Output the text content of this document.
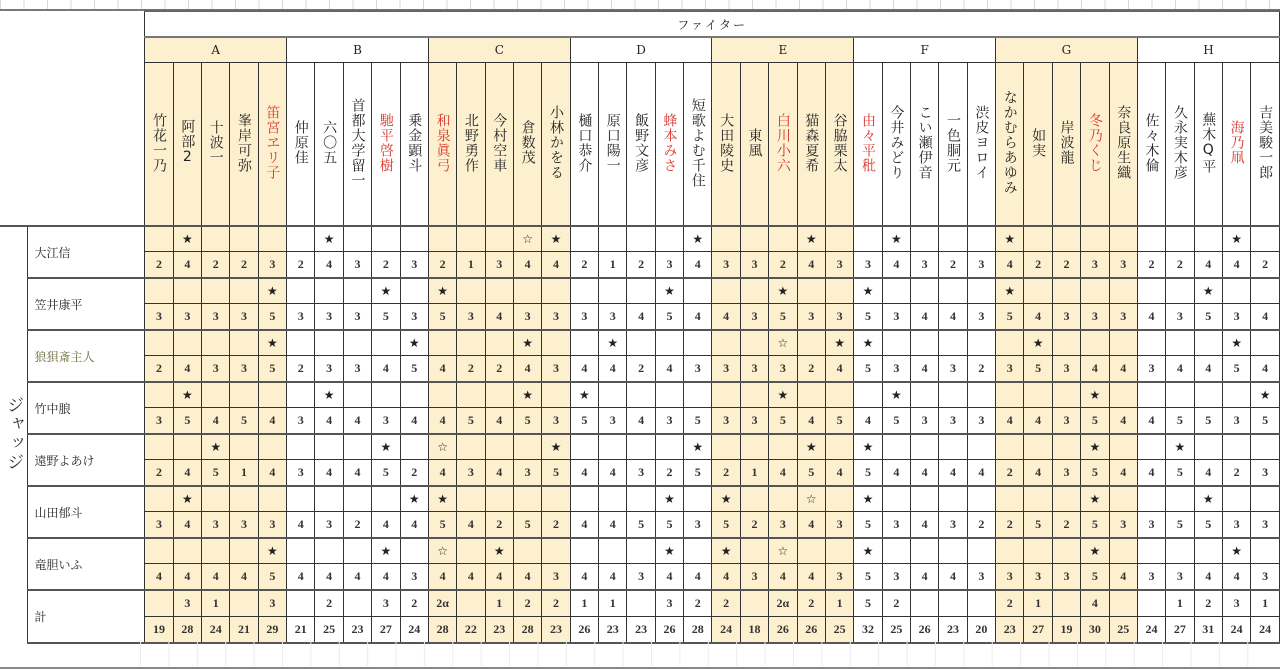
		ファイター																																							
		A					B					C					D					E					F					G					H				
		竹花一乃	阿部2	十波一	峯岸可弥	笛宮ヱリ子	仲原佳	六〇五	首都大学留一	馳平啓樹	乗金顕斗	和泉眞弓	北野勇作	今村空車	倉数茂	小林かをる	樋口恭介	原口陽一	飯野文彦	蜂本みさ	短歌よむ千住	大田陵史	東風	白川小六	猫森夏希	谷脇栗太	由々平秕	今井みどり	こい瀬伊音	一色胴元	渋皮ヨロイ	なかむらあゆみ	如実	岸波龍	冬乃くじ	奈良原生織	佐々木倫	久永実木彦	蕪木Q平	海乃凧	吉美駿一郎
ジャッジ	大江信		★					★							☆	★					★				★			★				★								★	
		2	4	2	2	3	2	4	3	2	3	2	1	3	4	4	2	1	2	3	4	3	3	2	4	3	3	4	3	2	3	4	2	2	3	3	2	2	4	4	2
	笠井康平					★				★		★								★				★			★					★							★		
		3	3	3	3	5	3	3	3	5	3	5	3	4	3	3	3	3	4	5	4	4	3	5	3	3	5	3	4	4	3	5	4	3	3	3	4	3	5	3	4
	狼狽斎主人					★					★				★			★						☆		★	★						★							★	
		2	4	3	3	5	2	3	3	4	5	4	2	2	4	3	4	4	2	4	3	3	3	3	2	4	5	3	4	3	2	3	5	3	4	4	3	4	4	5	4
	竹中朖		★					★							★		★							★				★							★						★
		3	5	4	5	4	3	4	4	3	4	4	5	4	5	3	5	3	4	3	5	3	3	5	4	5	4	5	3	3	3	4	4	3	5	4	4	5	5	3	5
	遠野よあけ			★						★		☆				★					★				★		★								★			★			
		2	4	5	1	4	3	4	4	5	2	4	3	4	3	5	4	4	3	2	5	2	1	4	5	4	5	4	4	4	4	2	4	3	5	4	4	5	4	2	3
	山田郁斗		★								★	★								★		★			☆		★								★				★		
		3	4	3	3	3	4	3	2	4	4	5	4	2	5	2	4	4	5	5	3	5	2	3	4	3	5	3	4	3	2	2	5	2	5	3	3	5	5	3	3
	竜胆いふ					★				★		☆		★						★		★		☆			★								★					★	
		4	4	4	4	5	4	4	4	4	3	4	4	4	4	3	4	4	3	4	4	4	3	4	4	3	5	3	4	4	3	3	3	3	5	4	3	3	4	4	3
	計		3	1		3		2		3	2	2α		1	2	2	1	1		3	2	2		2α	2	1	5	2				2	1		4			1	2	3	1
		19	28	24	21	29	21	25	23	27	24	28	22	23	28	23	26	23	23	26	28	24	18	26	26	25	32	25	26	23	20	23	27	19	30	25	24	27	31	24	24
